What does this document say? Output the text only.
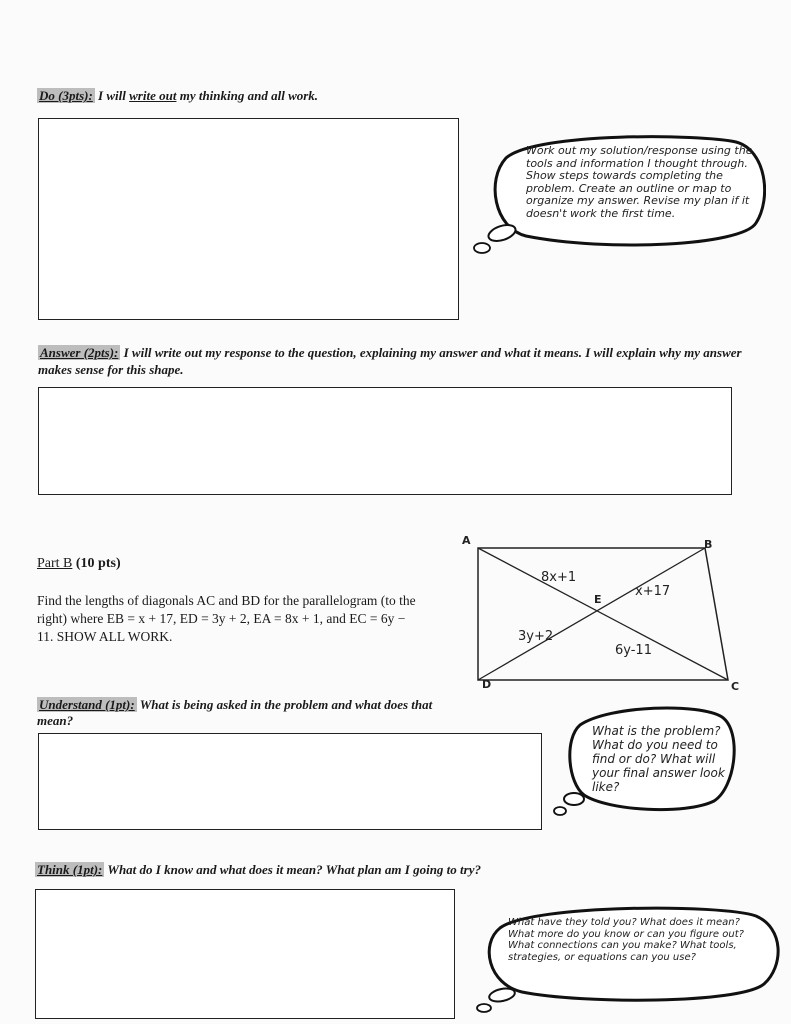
Do (3pts): I will write out my thinking and all work.
Work out my solution/response using the tools and information I thought through. Show steps towards completing the problem. Create an outline or map to organize my answer. Revise my plan if it doesn't work the first time.
Answer (2pts): I will write out my response to the question, explaining my answer and what it means. I will explain why my answer makes sense for this shape.
Part B (10 pts)
Find the lengths of diagonals AC and BD for the parallelogram (to the right) where EB = x + 17, ED = 3y + 2, EA = 8x + 1, and EC = 6y − 11. SHOW ALL WORK.
A	B
C
D
E
8x+1
x+17
3y+2
6y-11
Understand (1pt): What is being asked in the problem and what does that mean?
What is the problem? What do you need to find or do? What will your final answer look like?
Think (1pt): What do I know and what does it mean? What plan am I going to try?
What have they told you? What does it mean? What more do you know or can you figure out? What connections can you make? What tools, strategies, or equations can you use?
